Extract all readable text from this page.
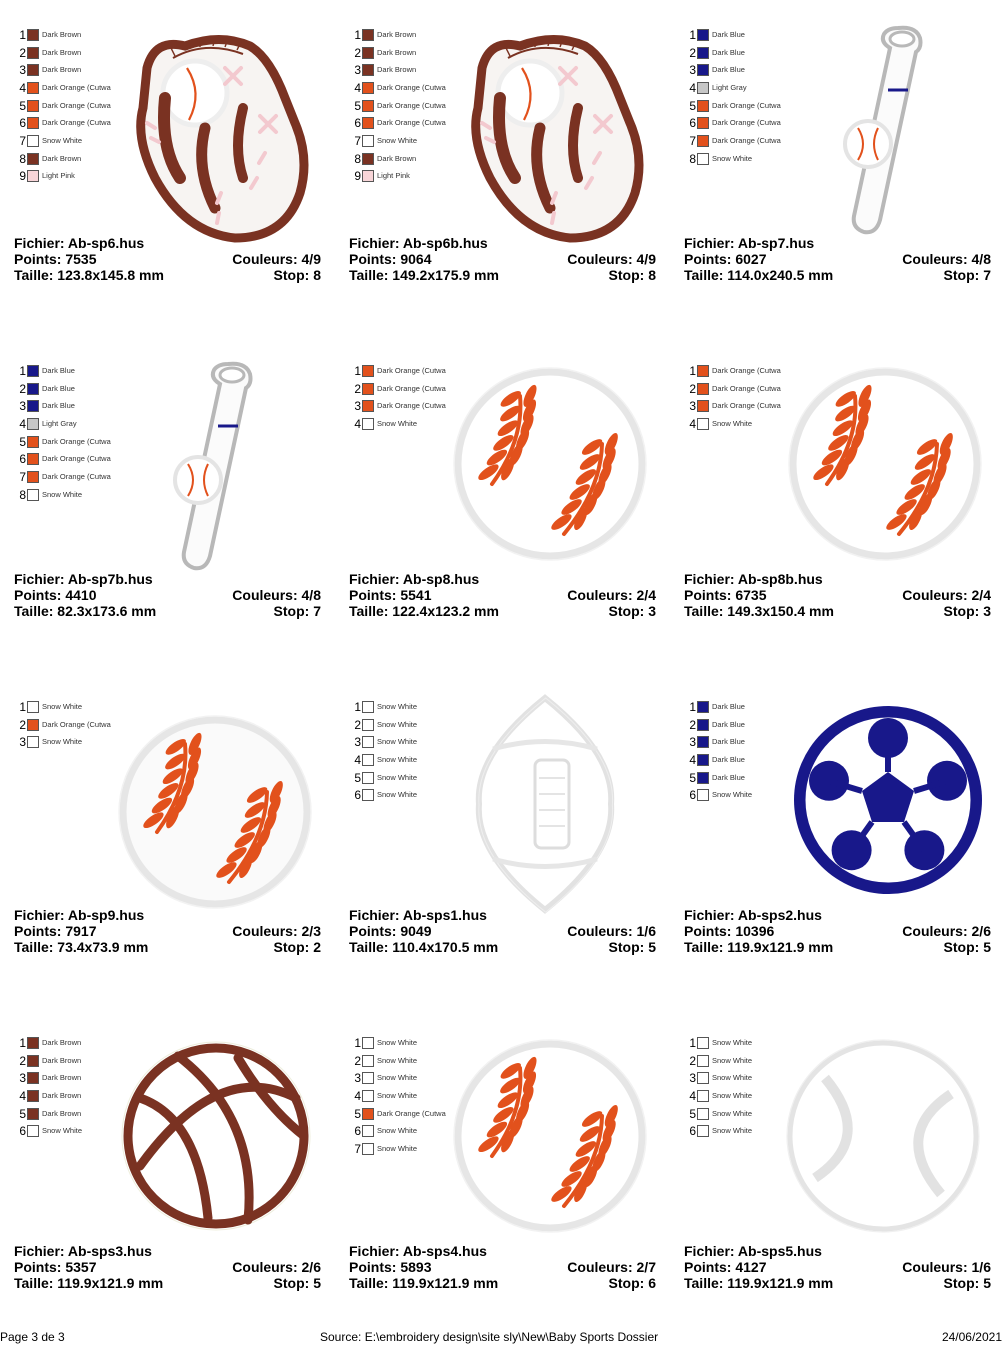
1 Dark Brown
2 Dark Brown
3 Dark Brown
4 Dark Orange (Cutwa
5 Dark Orange (Cutwa
6 Dark Orange (Cutwa
7 Snow White
8 Dark Brown
9 Light Pink
Fichier: Ab-sp6.hus
Points: 7535	Couleurs: 4/9
Taille: 123.8x145.8 mm	Stop: 8
1 Dark Brown
2 Dark Brown
3 Dark Brown
4 Dark Orange (Cutwa
5 Dark Orange (Cutwa
6 Dark Orange (Cutwa
7 Snow White
8 Dark Brown
9 Light Pink
Fichier: Ab-sp6b.hus
Points: 9064	Couleurs: 4/9
Taille: 149.2x175.9 mm	Stop: 8
1 Dark Blue
2 Dark Blue
3 Dark Blue
4 Light Gray
5 Dark Orange (Cutwa
6 Dark Orange (Cutwa
7 Dark Orange (Cutwa
8 Snow White
Fichier: Ab-sp7.hus
Points: 6027	Couleurs: 4/8
Taille: 114.0x240.5 mm	Stop: 7
1 Dark Blue
2 Dark Blue
3 Dark Blue
4 Light Gray
5 Dark Orange (Cutwa
6 Dark Orange (Cutwa
7 Dark Orange (Cutwa
8 Snow White
Fichier: Ab-sp7b.hus
Points: 4410	Couleurs: 4/8
Taille: 82.3x173.6 mm	Stop: 7
1 Dark Orange (Cutwa
2 Dark Orange (Cutwa
3 Dark Orange (Cutwa
4 Snow White
Fichier: Ab-sp8.hus
Points: 5541	Couleurs: 2/4
Taille: 122.4x123.2 mm	Stop: 3
1 Dark Orange (Cutwa
2 Dark Orange (Cutwa
3 Dark Orange (Cutwa
4 Snow White
Fichier: Ab-sp8b.hus
Points: 6735	Couleurs: 2/4
Taille: 149.3x150.4 mm	Stop: 3
1 Snow White
2 Dark Orange (Cutwa
3 Snow White
Fichier: Ab-sp9.hus
Points: 7917	Couleurs: 2/3
Taille: 73.4x73.9 mm	Stop: 2
1 Snow White
2 Snow White
3 Snow White
4 Snow White
5 Snow White
6 Snow White
Fichier: Ab-sps1.hus
Points: 9049	Couleurs: 1/6
Taille: 110.4x170.5 mm	Stop: 5
1 Dark Blue
2 Dark Blue
3 Dark Blue
4 Dark Blue
5 Dark Blue
6 Snow White
Fichier: Ab-sps2.hus
Points: 10396	Couleurs: 2/6
Taille: 119.9x121.9 mm	Stop: 5
1 Dark Brown
2 Dark Brown
3 Dark Brown
4 Dark Brown
5 Dark Brown
6 Snow White
Fichier: Ab-sps3.hus
Points: 5357	Couleurs: 2/6
Taille: 119.9x121.9 mm	Stop: 5
1 Snow White
2 Snow White
3 Snow White
4 Snow White
5 Dark Orange (Cutwa
6 Snow White
7 Snow White
Fichier: Ab-sps4.hus
Points: 5893	Couleurs: 2/7
Taille: 119.9x121.9 mm	Stop: 6
1 Snow White
2 Snow White
3 Snow White
4 Snow White
5 Snow White
6 Snow White
Fichier: Ab-sps5.hus
Points: 4127	Couleurs: 1/6
Taille: 119.9x121.9 mm	Stop: 5
Page 3 de 3	Source: E:\embroidery design\site sly\New\Baby Sports Dossier	24/06/2021
